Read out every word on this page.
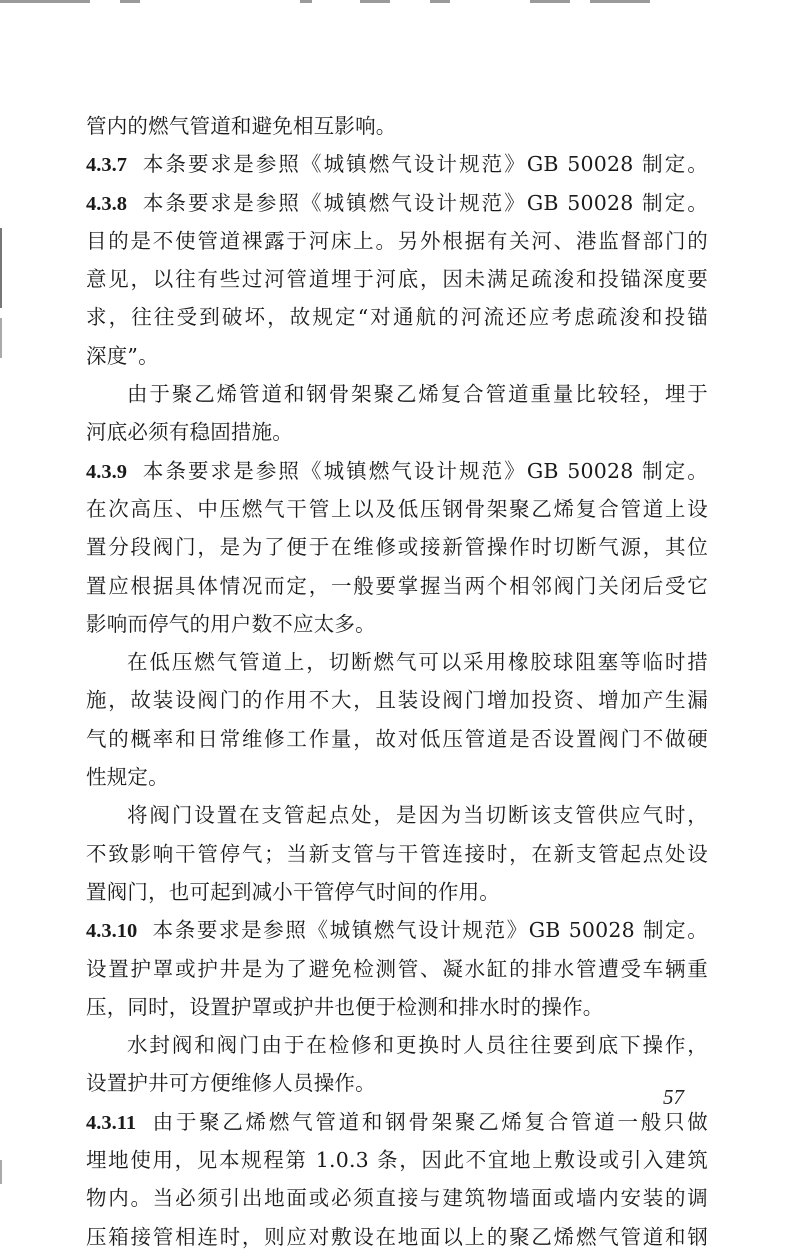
管内的燃气管道和避免相互影响。
4.3.7 本条要求是参照《城镇燃气设计规范》GB 50028 制定。
4.3.8 本条要求是参照《城镇燃气设计规范》GB 50028 制定。
目的是不使管道裸露于河床上。另外根据有关河、港监督部门的
意见，以往有些过河管道埋于河底，因未满足疏浚和投锚深度要
求，往往受到破坏，故规定“对通航的河流还应考虑疏浚和投锚
深度”。
由于聚乙烯管道和钢骨架聚乙烯复合管道重量比较轻，埋于
河底必须有稳固措施。
4.3.9 本条要求是参照《城镇燃气设计规范》GB 50028 制定。
在次高压、中压燃气干管上以及低压钢骨架聚乙烯复合管道上设
置分段阀门，是为了便于在维修或接新管操作时切断气源，其位
置应根据具体情况而定，一般要掌握当两个相邻阀门关闭后受它
影响而停气的用户数不应太多。
在低压燃气管道上，切断燃气可以采用橡胶球阻塞等临时措
施，故装设阀门的作用不大，且装设阀门增加投资、增加产生漏
气的概率和日常维修工作量，故对低压管道是否设置阀门不做硬
性规定。
将阀门设置在支管起点处，是因为当切断该支管供应气时，
不致影响干管停气；当新支管与干管连接时，在新支管起点处设
置阀门，也可起到减小干管停气时间的作用。
4.3.10 本条要求是参照《城镇燃气设计规范》GB 50028 制定。
设置护罩或护井是为了避免检测管、凝水缸的排水管遭受车辆重
压，同时，设置护罩或护井也便于检测和排水时的操作。
水封阀和阀门由于在检修和更换时人员往往要到底下操作，
设置护井可方便维修人员操作。
4.3.11 由于聚乙烯燃气管道和钢骨架聚乙烯复合管道一般只做
埋地使用，见本规程第 1.0.3 条，因此不宜地上敷设或引入建筑
物内。当必须引出地面或必须直接与建筑物墙面或墙内安装的调
压箱接管相连时，则应对敷设在地面以上的聚乙烯燃气管道和钢
57
